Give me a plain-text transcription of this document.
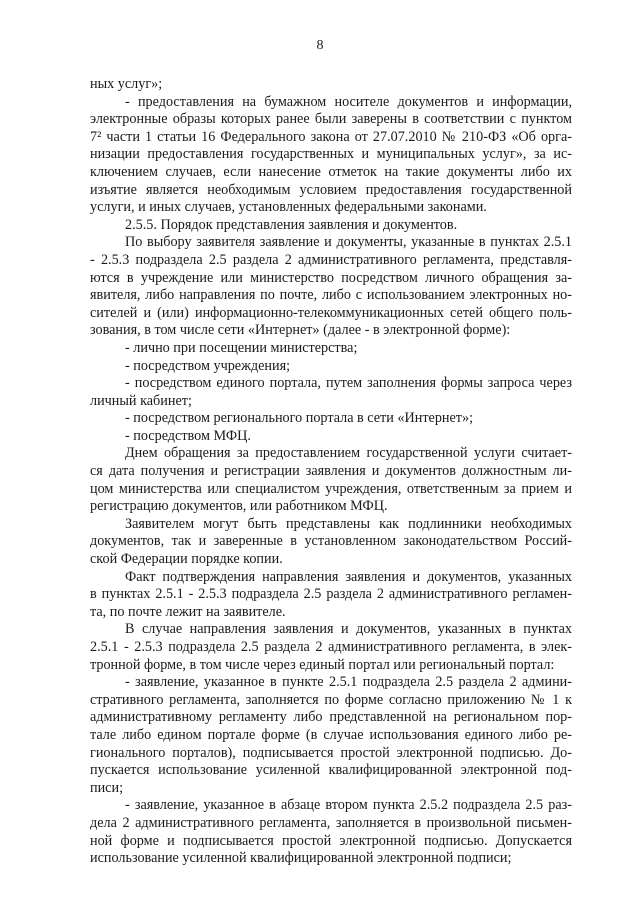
8
ных услуг»;
- предоставления на бумажном носителе документов и информации,
электронные образы которых ранее были заверены в соответствии с пунктом
7² части 1 статьи 16 Федерального закона от 27.07.2010 № 210-ФЗ «Об орга-
низации предоставления государственных и муниципальных услуг», за ис-
ключением случаев, если нанесение отметок на такие документы либо их
изъятие является необходимым условием предоставления государственной
услуги, и иных случаев, установленных федеральными законами.
2.5.5. Порядок представления заявления и документов.
По выбору заявителя заявление и документы, указанные в пунктах 2.5.1
- 2.5.3 подраздела 2.5 раздела 2 административного регламента, представля-
ются в учреждение или министерство посредством личного обращения за-
явителя, либо направления по почте, либо с использованием электронных но-
сителей и (или) информационно-телекоммуникационных сетей общего поль-
зования, в том числе сети «Интернет» (далее - в электронной форме):
- лично при посещении министерства;
- посредством учреждения;
- посредством единого портала, путем заполнения формы запроса через
личный кабинет;
- посредством регионального портала в сети «Интернет»;
- посредством МФЦ.
Днем обращения за предоставлением государственной услуги считает-
ся дата получения и регистрации заявления и документов должностным ли-
цом министерства или специалистом учреждения, ответственным за прием и
регистрацию документов, или работником МФЦ.
Заявителем могут быть представлены как подлинники необходимых
документов, так и заверенные в установленном законодательством Россий-
ской Федерации порядке копии.
Факт подтверждения направления заявления и документов, указанных
в пунктах 2.5.1 - 2.5.3 подраздела 2.5 раздела 2 административного регламен-
та, по почте лежит на заявителе.
В случае направления заявления и документов, указанных в пунктах
2.5.1 - 2.5.3 подраздела 2.5 раздела 2 административного регламента, в элек-
тронной форме, в том числе через единый портал или региональный портал:
- заявление, указанное в пункте 2.5.1 подраздела 2.5 раздела 2 админи-
стративного регламента, заполняется по форме согласно приложению № 1 к
административному регламенту либо представленной на региональном пор-
тале либо едином портале форме (в случае использования единого либо ре-
гионального порталов), подписывается простой электронной подписью. До-
пускается использование усиленной квалифицированной электронной под-
писи;
- заявление, указанное в абзаце втором пункта 2.5.2 подраздела 2.5 раз-
дела 2 административного регламента, заполняется в произвольной письмен-
ной форме и подписывается простой электронной подписью. Допускается
использование усиленной квалифицированной электронной подписи;
